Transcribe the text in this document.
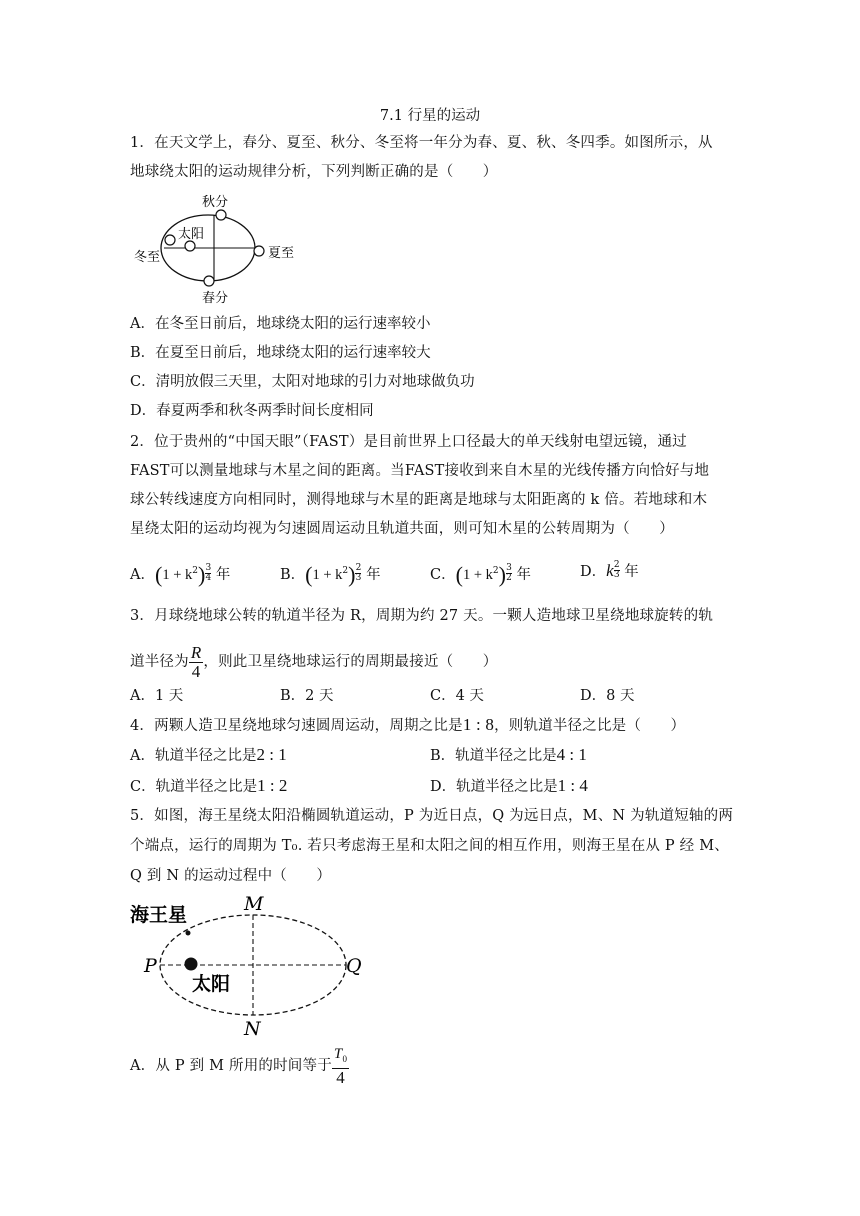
7.1 行星的运动
1．在天文学上，春分、夏至、秋分、冬至将一年分为春、夏、秋、冬四季。如图所示，从
地球绕太阳的运动规律分析，下列判断正确的是（　　）
秋分
太阳
冬至	夏至
春分
A．在冬至日前后，地球绕太阳的运行速率较小
B．在夏至日前后，地球绕太阳的运行速率较大
C．清明放假三天里，太阳对地球的引力对地球做负功
D．春夏两季和秋冬两季时间长度相同
2．位于贵州的“中国天眼”（FAST）是目前世界上口径最大的单天线射电望远镜，通过
FAST可以测量地球与木星之间的距离。当FAST接收到来自木星的光线传播方向恰好与地
球公转线速度方向相同时，测得地球与木星的距离是地球与太阳距离的 k 倍。若地球和木
星绕太阳的运动均视为匀速圆周运动且轨道共面，则可知木星的公转周期为（　　）
A．$(1 + k^2)$ $^{\frac{3}{4}}$ 年	B．$(1 + k^2)$ $^{\frac{2}{3}}$ 年	C．$(1 + k^2)$ $^{\frac{3}{2}}$ 年	D．k $^{\frac{2}{3}}$ 年
3．月球绕地球公转的轨道半径为 R，周期为约 27 天。一颗人造地球卫星绕地球旋转的轨
道半径为 $\frac{R}{4}$ ，则此卫星绕地球运行的周期最接近（　　）
A．1 天	B．2 天	C．4 天	D．8 天
4．两颗人造卫星绕地球匀速圆周运动，周期之比是1 : 8，则轨道半径之比是（　　）
A．轨道半径之比是2 : 1	B．轨道半径之比是4 : 1
C．轨道半径之比是1 : 2	D．轨道半径之比是1 : 4
5．如图，海王星绕太阳沿椭圆轨道运动，P 为近日点，Q 为远日点，M、N 为轨道短轴的两
个端点，运行的周期为 T₀. 若只考虑海王星和太阳之间的相互作用，则海王星在从 P 经 M、
Q 到 N 的运动过程中（　　）
海王星
太阳
P	Q
M
N
A．从 P 到 M 所用的时间等于 $\frac{T_0}{4}$
